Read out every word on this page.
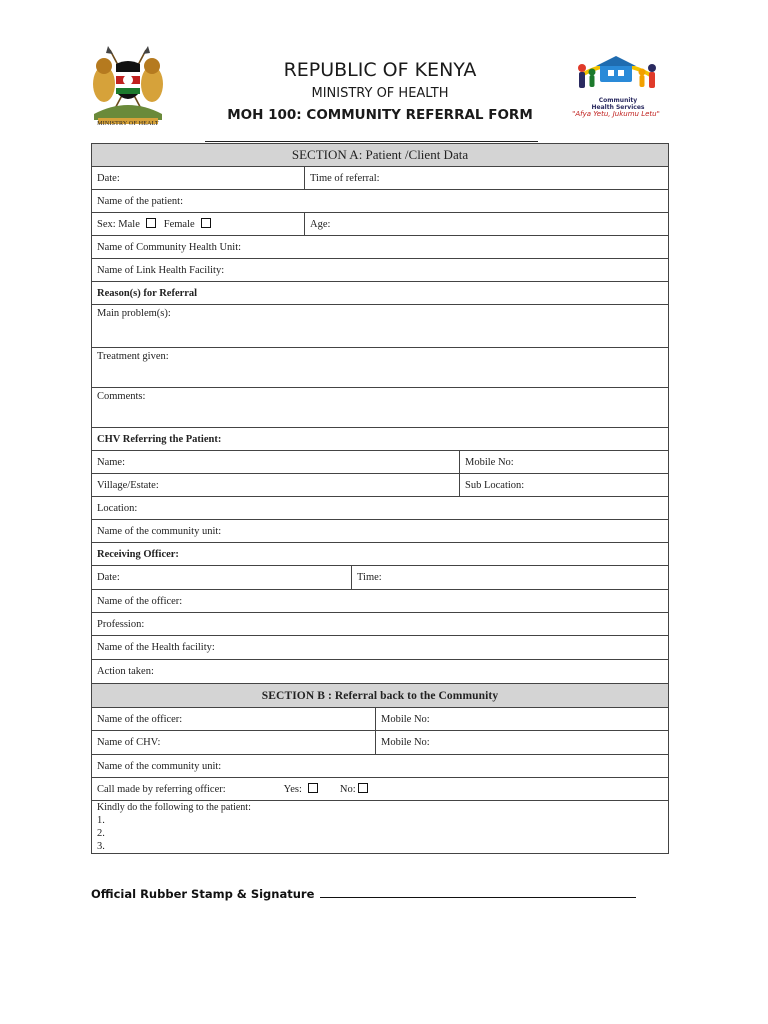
MINISTRY OF HEALT
REPUBLIC OF KENYA
MINISTRY OF HEALTH
MOH 100: COMMUNITY REFERRAL FORM
Community
Health Services
"Afya Yetu, Jukumu Letu"
SECTION A: Patient /Client Data
Date:	Time of referral:
Name of the patient:
Sex:
Male
Female	Age:
Name of Community Health Unit:
Name of Link Health Facility:
Reason(s) for Referral
Main problem(s):
Treatment given:
Comments:
CHV Referring the Patient:
Name:	Mobile No:
Village/Estate:	Sub Location:
Location:
Name of the community unit:
Receiving Officer:
Date:	Time:
Name of the officer:
Profession:
Name of the Health facility:
Action taken:
SECTION B : Referral back to the Community
Name of the officer:	Mobile No:
Name of CHV:	Mobile No:
Name of the community unit:
Call made by referring officer:	Yes:	No:
Kindly do the following to the patient:
1.
2.
3.
Official Rubber Stamp & Signature
